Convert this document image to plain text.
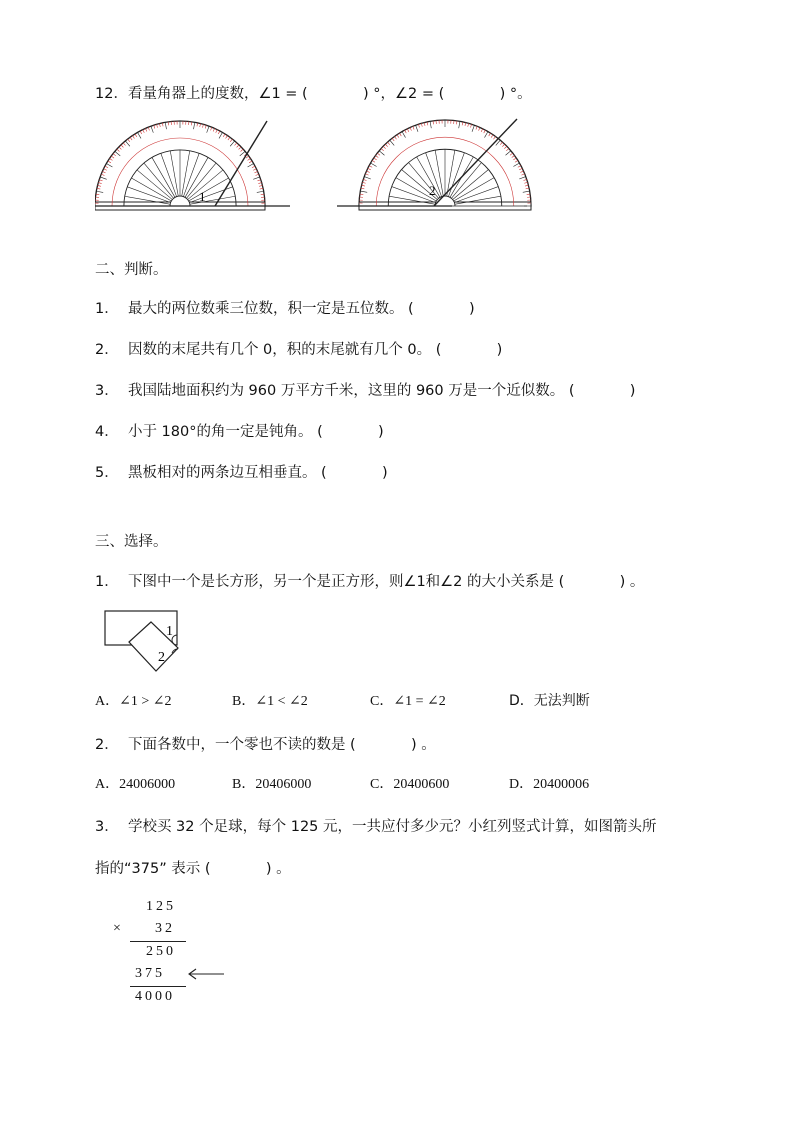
12．看量角器上的度数，∠1 = (            ) °，∠2 = (            ) °。
1	2
二、判断。
1．  最大的两位数乘三位数，积一定是五位数。 (            )
2．  因数的末尾共有几个 0，积的末尾就有几个 0。 (            )
3．  我国陆地面积约为 960 万平方千米，这里的 960 万是一个近似数。 (            )
4．  小于 180°的角一定是钝角。 (            )
5．  黑板相对的两条边互相垂直。 (            )
三、选择。
1．  下图中一个是长方形，另一个是正方形，则∠1和∠2 的大小关系是 (            ) 。
1
2
A．∠1 > ∠2	B．∠1 < ∠2	C．∠1 = ∠2	D．无法判断
2．  下面各数中，一个零也不读的数是 (            ) 。
A．24006000	B．20406000	C．20400600	D．20400006
3．  学校买 32 个足球，每个 125 元，一共应付多少元？小红列竖式计算，如图箭头所
指的“375” 表示 (            ) 。
125
× 32
250
375
4000
